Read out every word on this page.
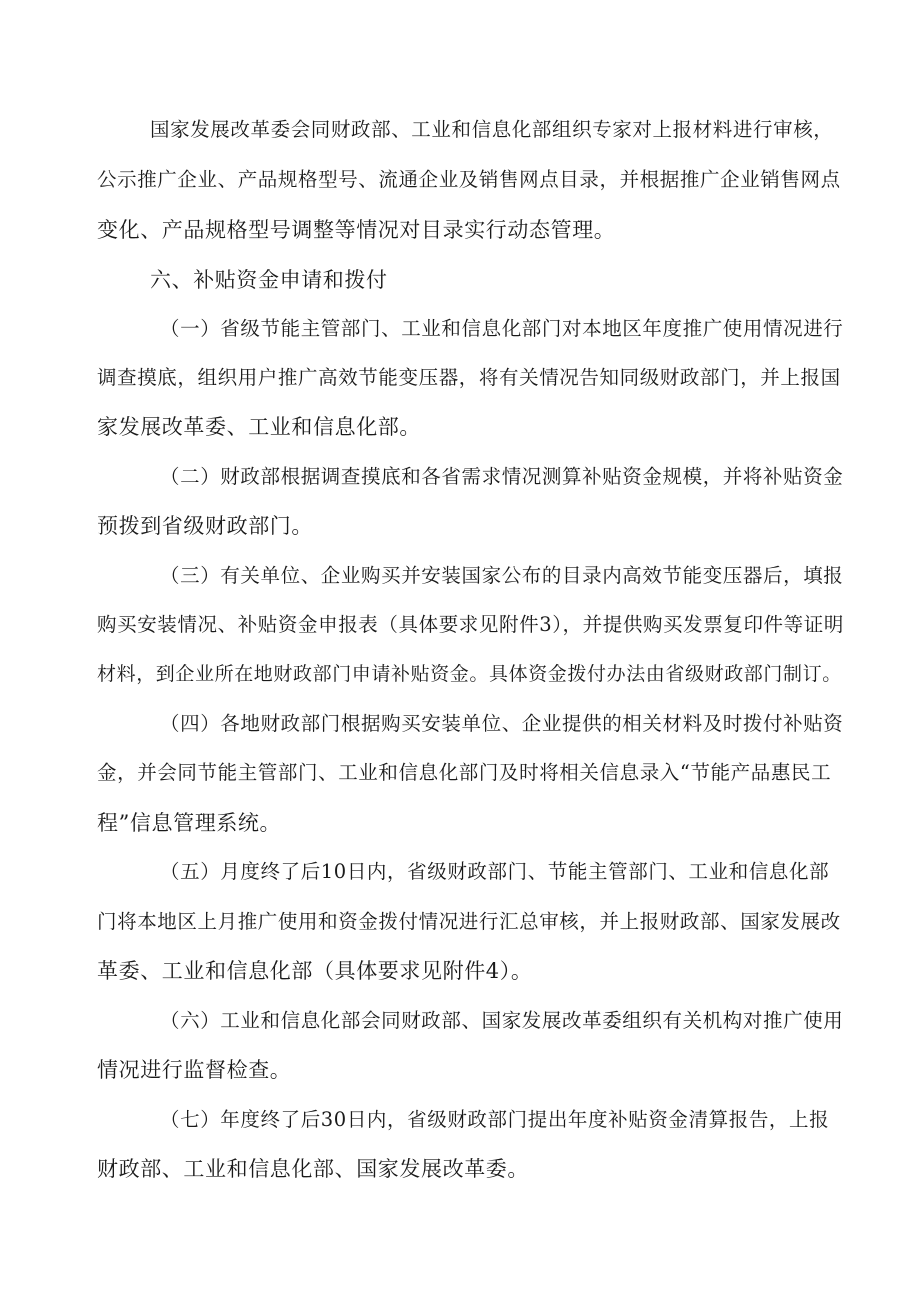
国家发展改革委会同财政部、工业和信息化部组织专家对上报材料进行审核，
公示推广企业、产品规格型号、流通企业及销售网点目录，并根据推广企业销售网点
变化、产品规格型号调整等情况对目录实行动态管理。
六、补贴资金申请和拨付
（一）省级节能主管部门、工业和信息化部门对本地区年度推广使用情况进行
调查摸底，组织用户推广高效节能变压器，将有关情况告知同级财政部门，并上报国
家发展改革委、工业和信息化部。
（二）财政部根据调查摸底和各省需求情况测算补贴资金规模，并将补贴资金
预拨到省级财政部门。
（三）有关单位、企业购买并安装国家公布的目录内高效节能变压器后，填报
购买安装情况、补贴资金申报表（具体要求见附件3），并提供购买发票复印件等证明
材料，到企业所在地财政部门申请补贴资金。具体资金拨付办法由省级财政部门制订。
（四）各地财政部门根据购买安装单位、企业提供的相关材料及时拨付补贴资
金，并会同节能主管部门、工业和信息化部门及时将相关信息录入“节能产品惠民工
程”信息管理系统。
（五）月度终了后10日内，省级财政部门、节能主管部门、工业和信息化部
门将本地区上月推广使用和资金拨付情况进行汇总审核，并上报财政部、国家发展改
革委、工业和信息化部（具体要求见附件4）。
（六）工业和信息化部会同财政部、国家发展改革委组织有关机构对推广使用
情况进行监督检查。
（七）年度终了后30日内，省级财政部门提出年度补贴资金清算报告，上报
财政部、工业和信息化部、国家发展改革委。
